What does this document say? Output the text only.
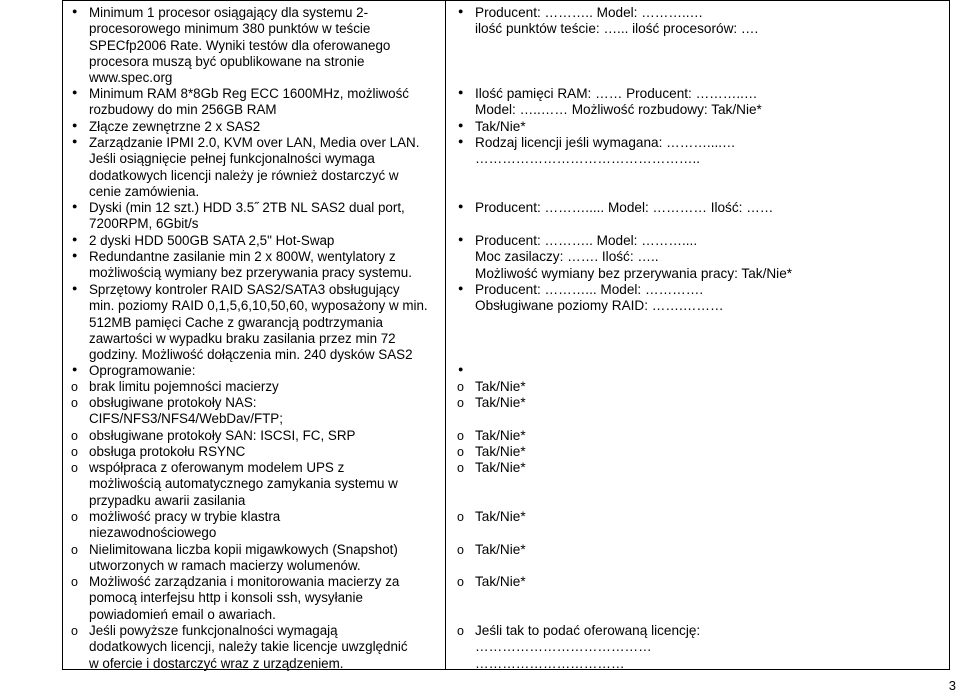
● Minimum 1 procesor osiągający dla systemu 2-
procesorowego minimum 380 punktów w teście
SPECfp2006 Rate. Wyniki testów dla oferowanego
procesora muszą być opublikowane na stronie
www.spec.org
● Minimum RAM 8*8Gb Reg ECC 1600MHz, możliwość
rozbudowy do min 256GB RAM
● Złącze zewnętrzne 2 x SAS2
● Zarządzanie IPMI 2.0, KVM over LAN, Media over LAN.
Jeśli osiągnięcie pełnej funkcjonalności wymaga
dodatkowych licencji należy je również dostarczyć w
cenie zamówienia.
● Dyski (min 12 szt.) HDD 3.5˝ 2TB NL SAS2 dual port,
7200RPM, 6Gbit/s
● 2 dyski HDD 500GB SATA 2,5" Hot-Swap
● Redundantne zasilanie min 2 x 800W, wentylatory z
możliwością wymiany bez przerywania pracy systemu.
● Sprzętowy kontroler RAID SAS2/SATA3 obsługujący
min. poziomy RAID 0,1,5,6,10,50,60, wyposażony w min.
512MB pamięci Cache z gwarancją podtrzymania
zawartości w wypadku braku zasilania przez min 72
godziny. Możliwość dołączenia min. 240 dysków SAS2
● Oprogramowanie:
o brak limitu pojemności macierzy
o obsługiwane protokoły NAS:
CIFS/NFS3/NFS4/WebDav/FTP;
o obsługiwane protokoły SAN: ISCSI, FC, SRP
o obsługa protokołu RSYNC
o współpraca z oferowanym modelem UPS z
możliwością automatycznego zamykania systemu w
przypadku awarii zasilania
o możliwość pracy w trybie klastra
niezawodnościowego
o Nielimitowana liczba kopii migawkowych (Snapshot)
utworzonych w ramach macierzy wolumenów.
o Możliwość zarządzania i monitorowania macierzy za
pomocą interfejsu http i konsoli ssh, wysyłanie
powiadomień email o awariach.
o Jeśli powyższe funkcjonalności wymagają
dodatkowych licencji, należy takie licencje uwzględnić
w ofercie i dostarczyć wraz z urządzeniem.
● Producent: ……….. Model: ………..…
ilość punktów teście: …... ilość procesorów: ….
● Ilość pamięci RAM: …… Producent: ………..…
Model: …..…… Możliwość rozbudowy: Tak/Nie*
● Tak/Nie*
● Rodzaj licencji jeśli wymagana: ………....…
…………………………………………..
● Producent: ………..... Model: ………… Ilość: ……
● Producent: ……….. Model: ………....
Moc zasilaczy: ……. Ilość: …..
Możliwość wymiany bez przerywania pracy: Tak/Nie*
● Producent: ………... Model: ………….
Obsługiwane poziomy RAID: …….………
●
o Tak/Nie*
o Tak/Nie*
o Tak/Nie*
o Tak/Nie*
o Tak/Nie*
o Tak/Nie*
o Tak/Nie*
o Tak/Nie*
o Jeśli tak to podać oferowaną licencję:
…………………………………
……………………………
3
